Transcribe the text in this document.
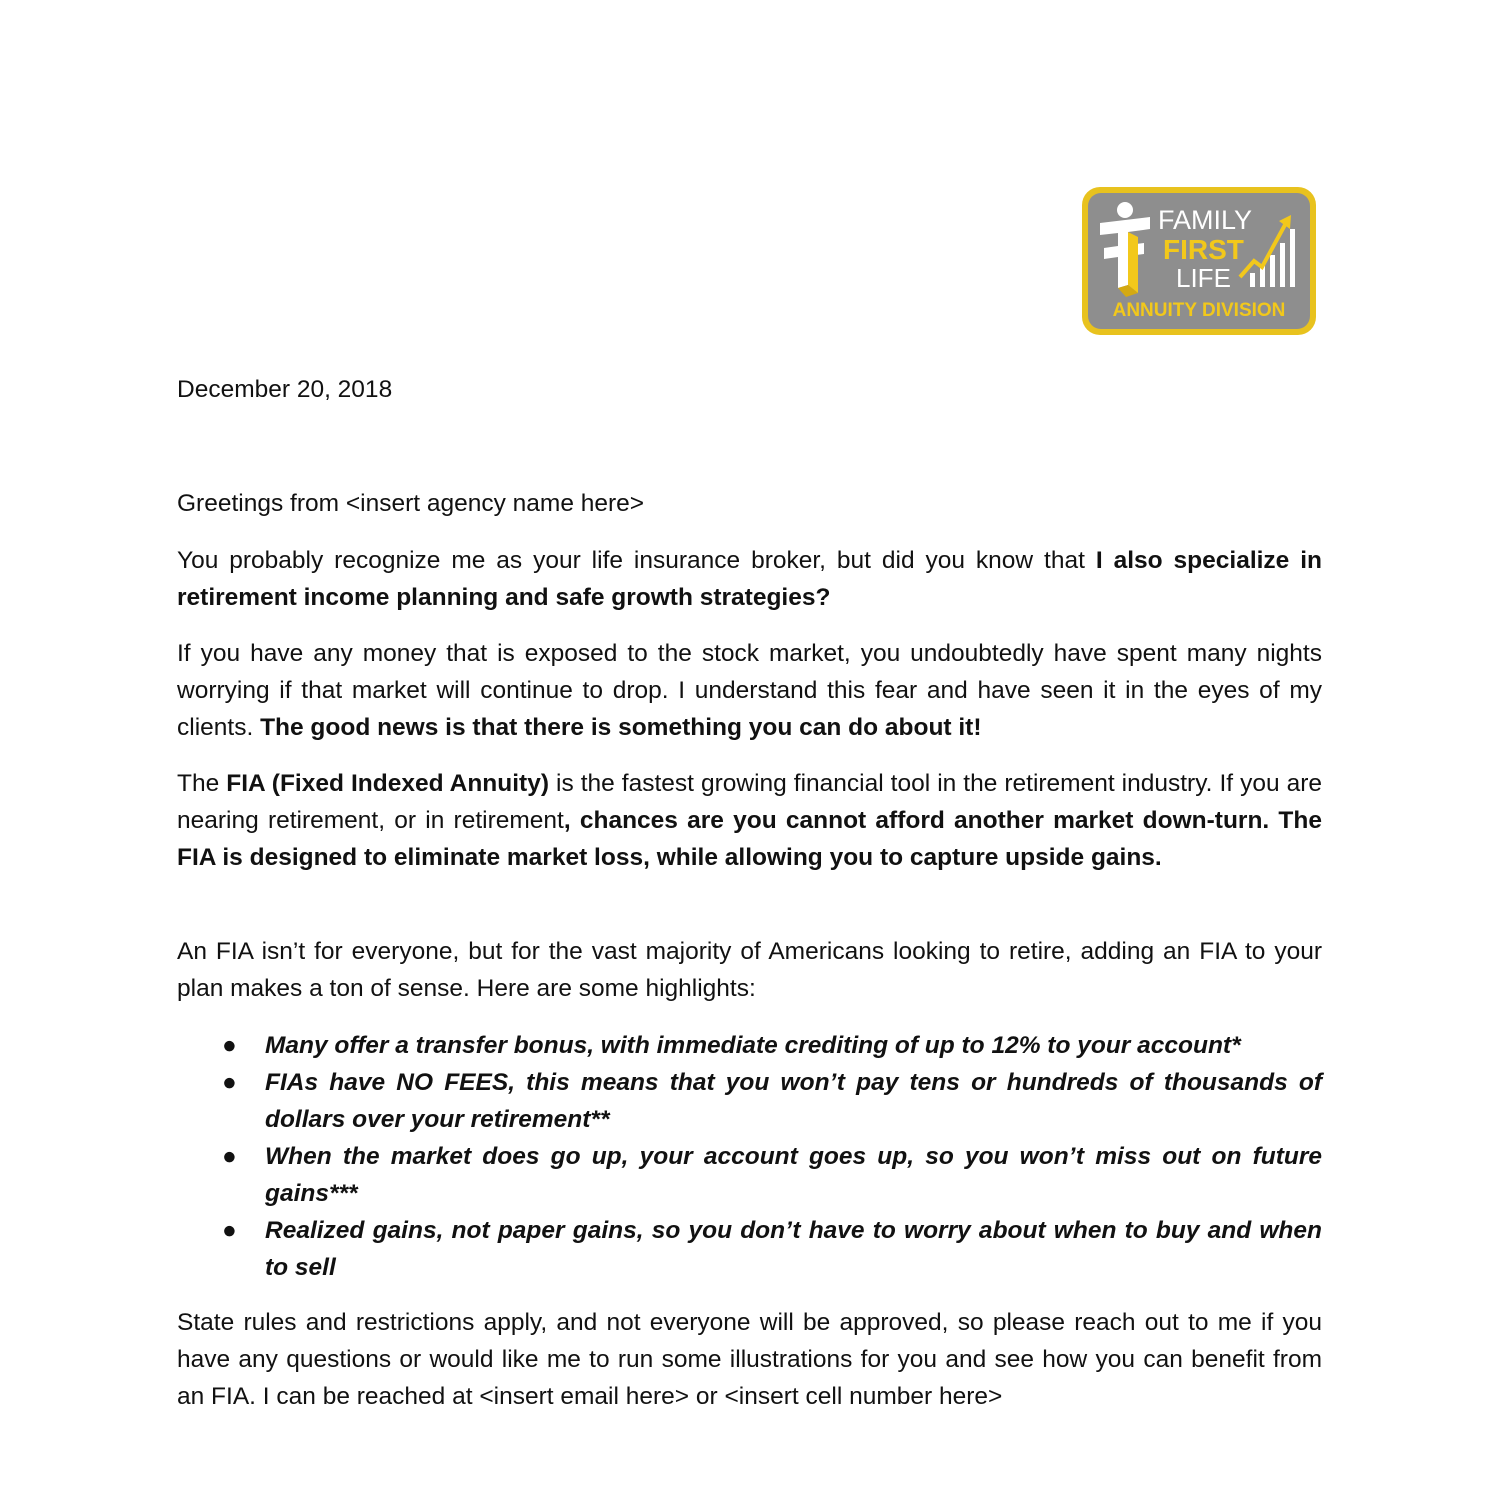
FAMILY
FIRST
LIFE
ANNUITY DIVISION
December 20, 2018
Greetings from <insert agency name here>
You probably recognize me as your life insurance broker, but did you know that I also specialize in retirement income planning and safe growth strategies?
If you have any money that is exposed to the stock market, you undoubtedly have spent many nights worrying if that market will continue to drop. I understand this fear and have seen it in the eyes of my clients. The good news is that there is something you can do about it!
The FIA (Fixed Indexed Annuity) is the fastest growing financial tool in the retirement industry. If you are nearing retirement, or in retirement, chances are you cannot afford another market down-turn. The FIA is designed to eliminate market loss, while allowing you to capture upside gains.
An FIA isn’t for everyone, but for the vast majority of Americans looking to retire, adding an FIA to your plan makes a ton of sense. Here are some highlights:
● Many offer a transfer bonus, with immediate crediting of up to 12% to your account*
● FIAs have NO FEES, this means that you won’t pay tens or hundreds of thousands of dollars over your retirement**
● When the market does go up, your account goes up, so you won’t miss out on future gains***
● Realized gains, not paper gains, so you don’t have to worry about when to buy and when to sell
State rules and restrictions apply, and not everyone will be approved, so please reach out to me if you have any questions or would like me to run some illustrations for you and see how you can benefit from an FIA. I can be reached at <insert email here> or <insert cell number here>
